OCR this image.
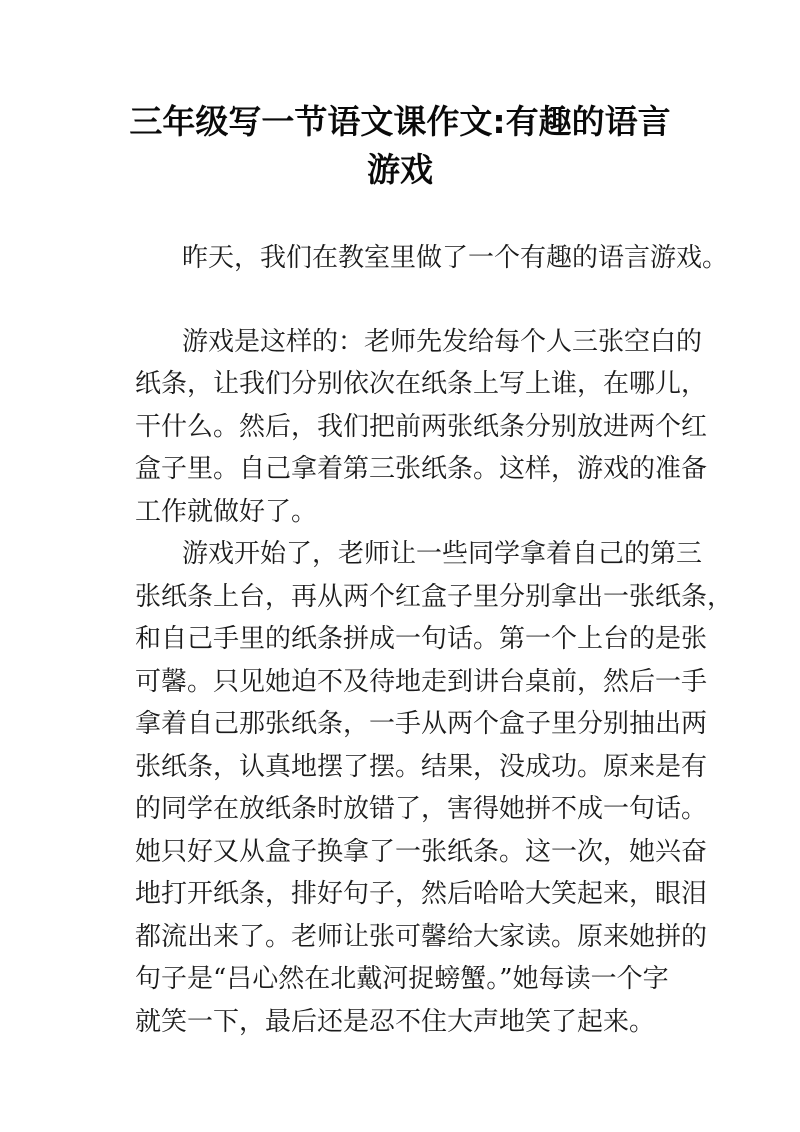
三年级写一节语文课作文:有趣的语言
游戏
昨天，我们在教室里做了一个有趣的语言游戏。
游戏是这样的：老师先发给每个人三张空白的
纸条，让我们分别依次在纸条上写上谁，在哪儿，
干什么。然后，我们把前两张纸条分别放进两个红
盒子里。自己拿着第三张纸条。这样，游戏的准备
工作就做好了。
游戏开始了，老师让一些同学拿着自己的第三
张纸条上台，再从两个红盒子里分别拿出一张纸条，
和自己手里的纸条拼成一句话。第一个上台的是张
可馨。只见她迫不及待地走到讲台桌前，然后一手
拿着自己那张纸条，一手从两个盒子里分别抽出两
张纸条，认真地摆了摆。结果，没成功。原来是有
的同学在放纸条时放错了，害得她拼不成一句话。
她只好又从盒子换拿了一张纸条。这一次，她兴奋
地打开纸条，排好句子，然后哈哈大笑起来，眼泪
都流出来了。老师让张可馨给大家读。原来她拼的
句子是“吕心然在北戴河捉螃蟹。”她每读一个字
就笑一下，最后还是忍不住大声地笑了起来。
